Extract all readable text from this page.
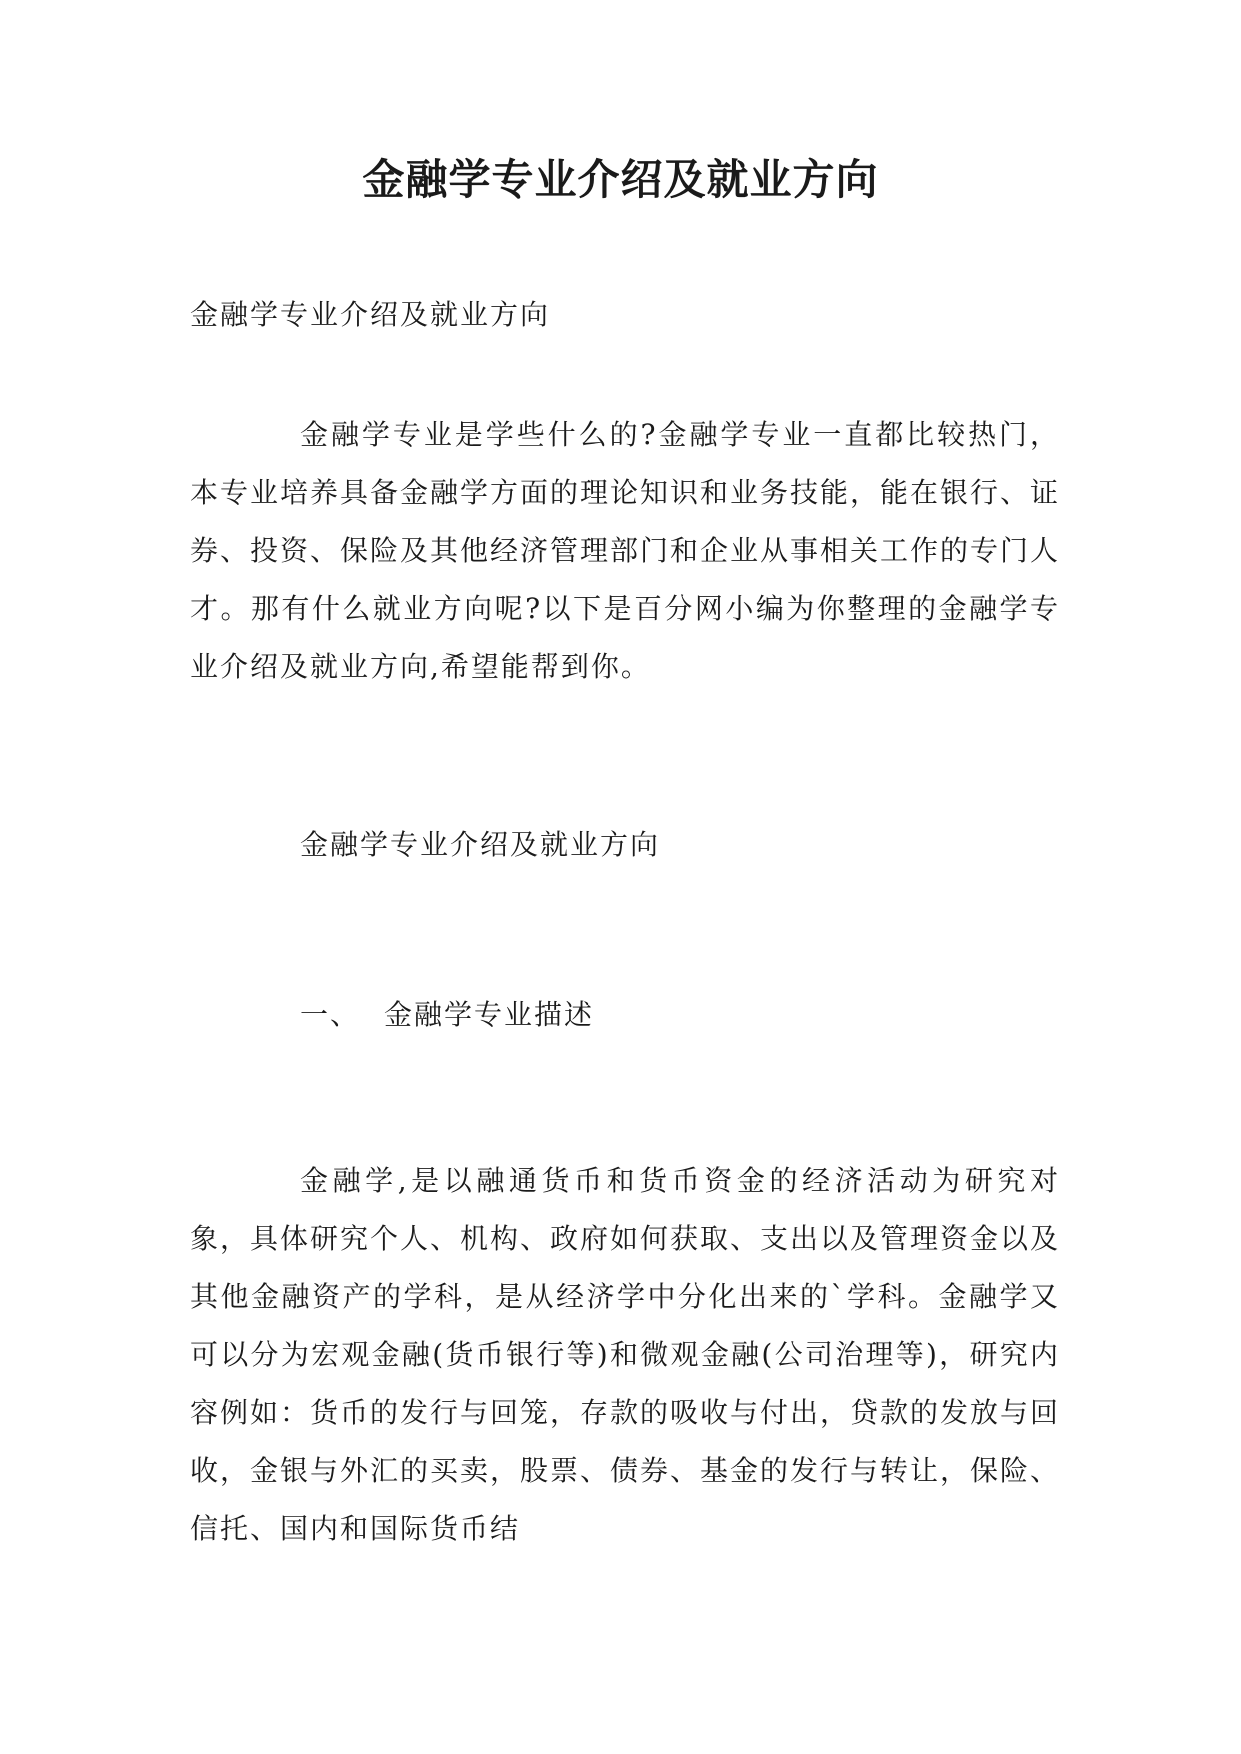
金融学专业介绍及就业方向

金融学专业介绍及就业方向

金融学专业是学些什么的?金融学专业一直都比较热门，本专业培养具备金融学方面的理论知识和业务技能，能在银行、证券、投资、保险及其他经济管理部门和企业从事相关工作的专门人才。那有什么就业方向呢?以下是百分网小编为你整理的金融学专业介绍及就业方向,希望能帮到你。

金融学专业介绍及就业方向

一、 金融学专业描述

金融学,是以融通货币和货币资金的经济活动为研究对象，具体研究个人、机构、政府如何获取、支出以及管理资金以及其他金融资产的学科，是从经济学中分化出来的`学科。金融学又可以分为宏观金融(货币银行等)和微观金融(公司治理等)，研究内容例如：货币的发行与回笼，存款的吸收与付出，贷款的发放与回收，金银与外汇的买卖，股票、债券、基金的发行与转让，保险、信托、国内和国际货币结
